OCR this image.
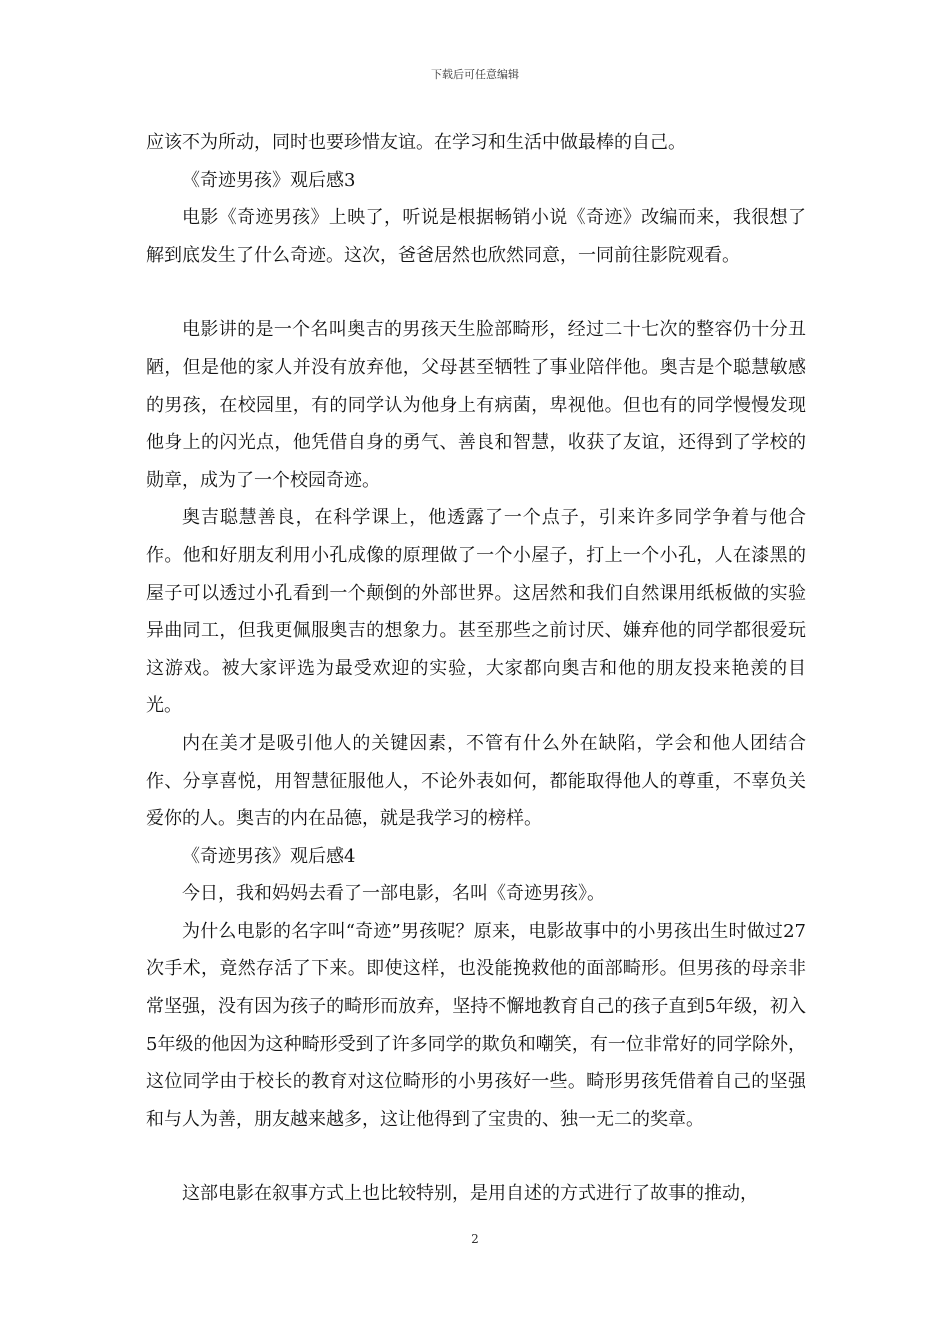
下载后可任意编辑

应该不为所动，同时也要珍惜友谊。在学习和生活中做最棒的自己。

《奇迹男孩》观后感3

电影《奇迹男孩》上映了，听说是根据畅销小说《奇迹》改编而来，我很想了解到底发生了什么奇迹。这次，爸爸居然也欣然同意，一同前往影院观看。

电影讲的是一个名叫奥吉的男孩天生脸部畸形，经过二十七次的整容仍十分丑陋，但是他的家人并没有放弃他，父母甚至牺牲了事业陪伴他。奥吉是个聪慧敏感的男孩，在校园里，有的同学认为他身上有病菌，卑视他。但也有的同学慢慢发现他身上的闪光点，他凭借自身的勇气、善良和智慧，收获了友谊，还得到了学校的勋章，成为了一个校园奇迹。

奥吉聪慧善良，在科学课上，他透露了一个点子，引来许多同学争着与他合作。他和好朋友利用小孔成像的原理做了一个小屋子，打上一个小孔，人在漆黑的屋子可以透过小孔看到一个颠倒的外部世界。这居然和我们自然课用纸板做的实验异曲同工，但我更佩服奥吉的想象力。甚至那些之前讨厌、嫌弃他的同学都很爱玩这游戏。被大家评选为最受欢迎的实验，大家都向奥吉和他的朋友投来艳羡的目光。

内在美才是吸引他人的关键因素，不管有什么外在缺陷，学会和他人团结合作、分享喜悦，用智慧征服他人，不论外表如何，都能取得他人的尊重，不辜负关爱你的人。奥吉的内在品德，就是我学习的榜样。

《奇迹男孩》观后感4

今日，我和妈妈去看了一部电影，名叫《奇迹男孩》。

为什么电影的名字叫“奇迹”男孩呢？原来，电影故事中的小男孩出生时做过27次手术，竟然存活了下来。即使这样，也没能挽救他的面部畸形。但男孩的母亲非常坚强，没有因为孩子的畸形而放弃，坚持不懈地教育自己的孩子直到5年级，初入5年级的他因为这种畸形受到了许多同学的欺负和嘲笑，有一位非常好的同学除外，这位同学由于校长的教育对这位畸形的小男孩好一些。畸形男孩凭借着自己的坚强和与人为善，朋友越来越多，这让他得到了宝贵的、独一无二的奖章。

这部电影在叙事方式上也比较特别，是用自述的方式进行了故事的推动，

2
